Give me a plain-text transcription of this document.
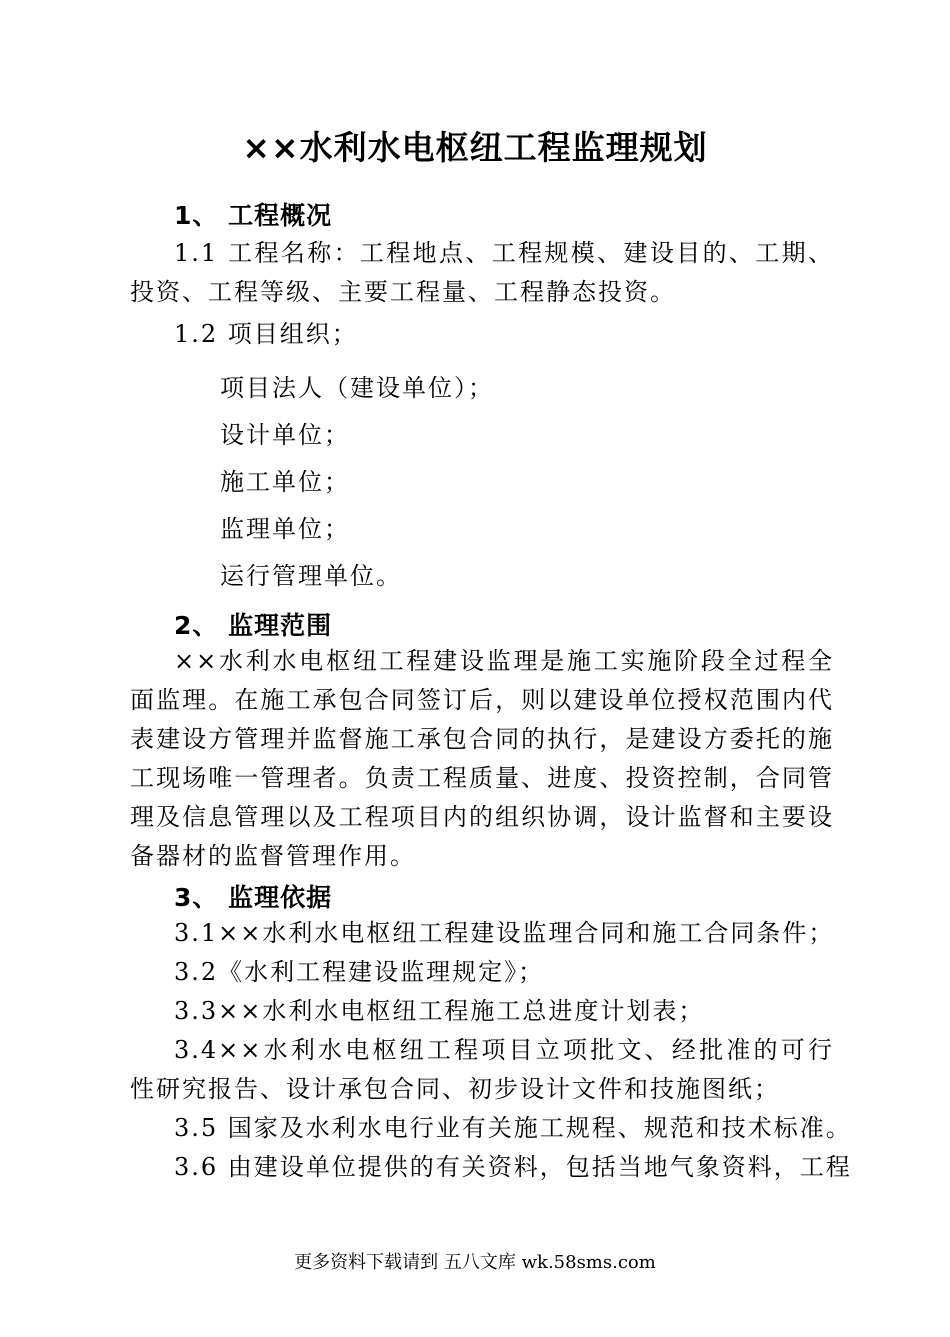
××水利水电枢纽工程监理规划
1、 工程概况
1.1 工程名称：工程地点、工程规模、建设目的、工期、投资、工程等级、主要工程量、工程静态投资。
1.2 项目组织；
项目法人（建设单位）；
设计单位；
施工单位；
监理单位；
运行管理单位。
2、 监理范围
××水利水电枢纽工程建设监理是施工实施阶段全过程全面监理。在施工承包合同签订后，则以建设单位授权范围内代表建设方管理并监督施工承包合同的执行，是建设方委托的施工现场唯一管理者。负责工程质量、进度、投资控制，合同管理及信息管理以及工程项目内的组织协调，设计监督和主要设备器材的监督管理作用。
3、 监理依据
3.1××水利水电枢纽工程建设监理合同和施工合同条件；
3.2《水利工程建设监理规定》；
3.3××水利水电枢纽工程施工总进度计划表；
3.4××水利水电枢纽工程项目立项批文、经批准的可行性研究报告、设计承包合同、初步设计文件和技施图纸；
3.5 国家及水利水电行业有关施工规程、规范和技术标准。
3.6 由建设单位提供的有关资料，包括当地气象资料，工程
更多资料下载请到 五八文库 wk.58sms.com
